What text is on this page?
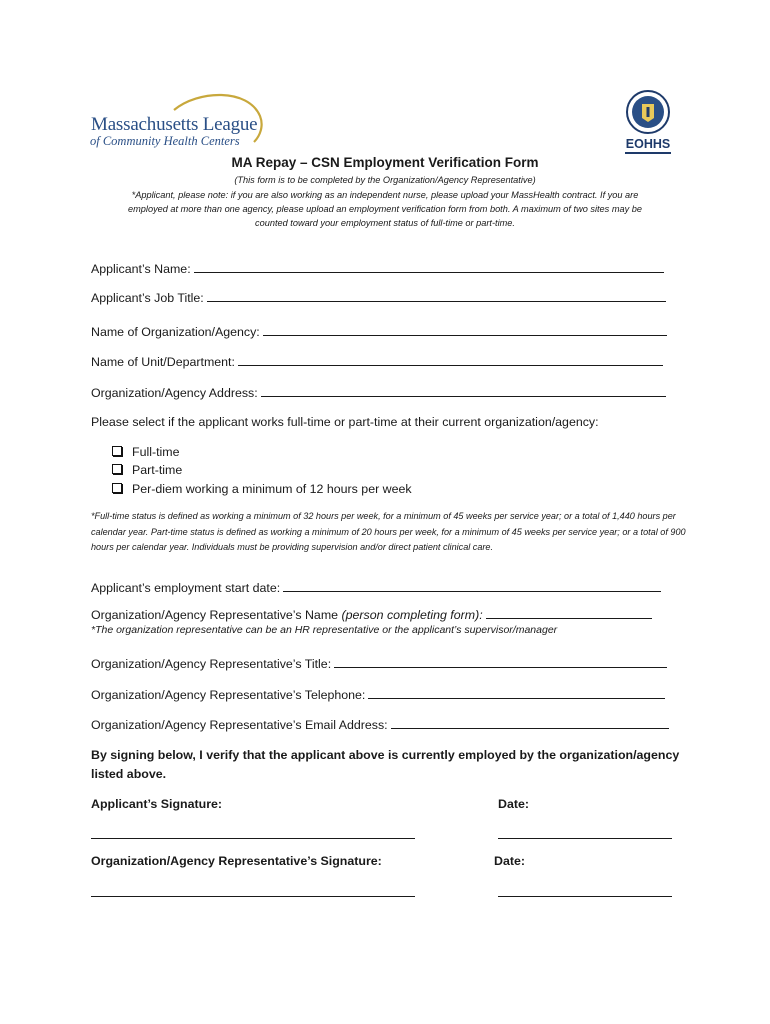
Massachusetts League
of Community Health Centers	EOHHS
MA Repay – CSN Employment Verification Form
(This form is to be completed by the Organization/Agency Representative)
*Applicant, please note: if you are also working as an independent nurse, please upload your MassHealth contract. If you are
employed at more than one agency, please upload an employment verification form from both. A maximum of two sites may be
counted toward your employment status of full-time or part-time.
Applicant’s Name:
Applicant’s Job Title:
Name of Organization/Agency:
Name of Unit/Department:
Organization/Agency Address:
Please select if the applicant works full-time or part-time at their current organization/agency:
Full-time
Part-time
Per-diem working a minimum of 12 hours per week
*Full-time status is defined as working a minimum of 32 hours per week, for a minimum of 45 weeks per service year; or a total of 1,440 hours per calendar year. Part-time status is defined as working a minimum of 20 hours per week, for a minimum of 45 weeks per service year; or a total of 900 hours per calendar year. Individuals must be providing supervision and/or direct patient clinical care.
Applicant’s employment start date:
Organization/Agency Representative’s Name (person completing form):
*The organization representative can be an HR representative or the applicant’s supervisor/manager
Organization/Agency Representative’s Title:
Organization/Agency Representative’s Telephone:
Organization/Agency Representative’s Email Address:
By signing below, I verify that the applicant above is currently employed by the organization/agency
listed above.
Applicant’s Signature:	Date:
Organization/Agency Representative’s Signature:	Date:
